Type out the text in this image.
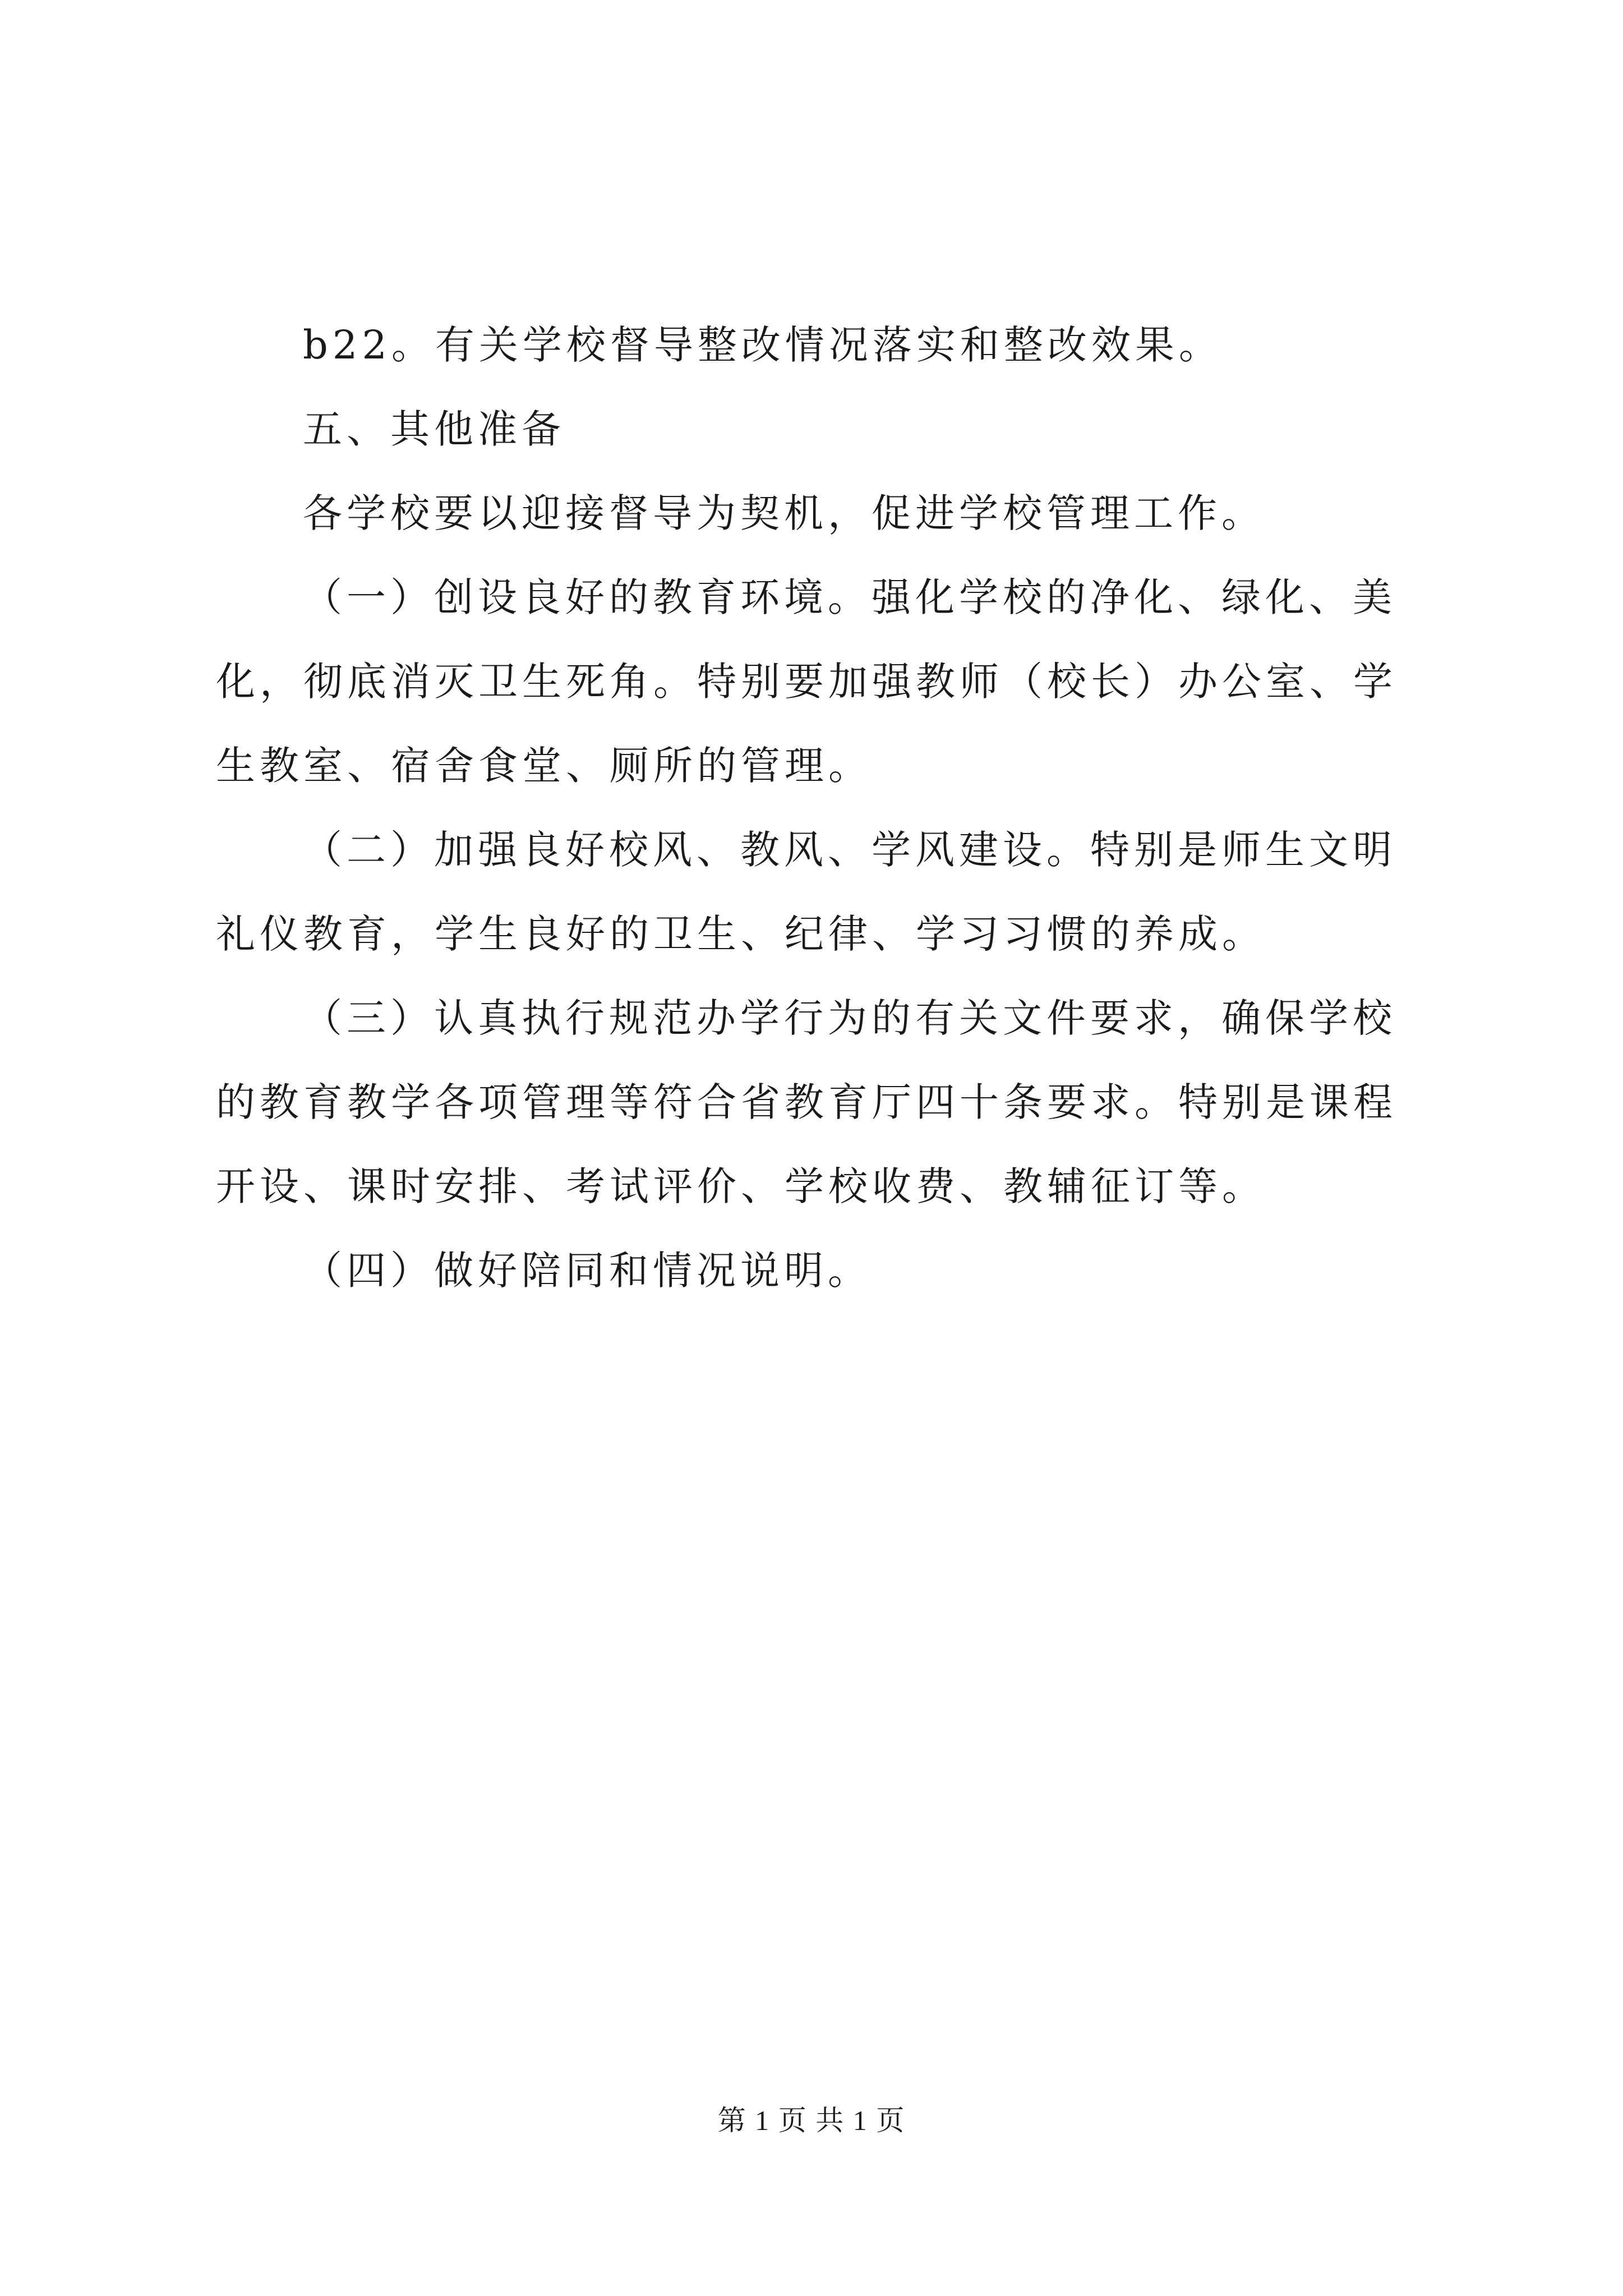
b22。有关学校督导整改情况落实和整改效果。

五、其他准备

各学校要以迎接督导为契机，促进学校管理工作。

（一）创设良好的教育环境。强化学校的净化、绿化、美化，彻底消灭卫生死角。特别要加强教师（校长）办公室、学生教室、宿舍食堂、厕所的管理。

（二）加强良好校风、教风、学风建设。特别是师生文明礼仪教育，学生良好的卫生、纪律、学习习惯的养成。

（三）认真执行规范办学行为的有关文件要求，确保学校的教育教学各项管理等符合省教育厅四十条要求。特别是课程开设、课时安排、考试评价、学校收费、教辅征订等。

（四）做好陪同和情况说明。

第 1 页 共 1 页
